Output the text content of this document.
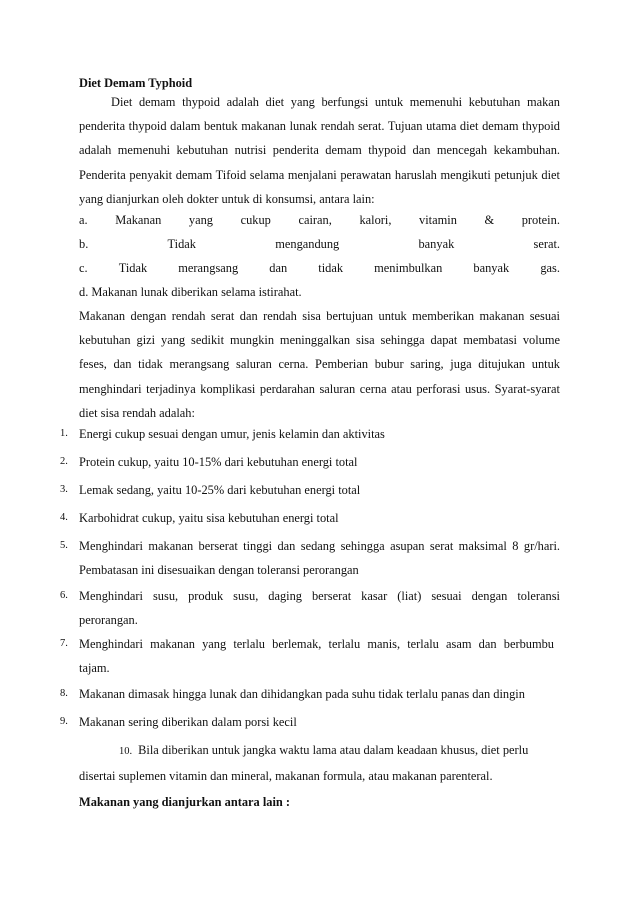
Diet Demam Typhoid

Diet demam thypoid adalah diet yang berfungsi untuk memenuhi kebutuhan makan penderita thypoid dalam bentuk makanan lunak rendah serat. Tujuan utama diet demam thypoid adalah memenuhi kebutuhan nutrisi penderita demam thypoid dan mencegah kekambuhan. Penderita penyakit demam Tifoid selama menjalani perawatan haruslah mengikuti petunjuk diet yang dianjurkan oleh dokter untuk di konsumsi, antara lain:

a. Makanan yang cukup cairan, kalori, vitamin & protein.
b.	Tidak	mengandung	banyak	serat.
c.	Tidak	merangsang	dan	tidak	menimbulkan	banyak	gas.
d. Makanan lunak diberikan selama istirahat.

Makanan dengan rendah serat dan rendah sisa bertujuan untuk memberikan makanan sesuai kebutuhan gizi yang sedikit mungkin meninggalkan sisa sehingga dapat membatasi volume feses, dan tidak merangsang saluran cerna. Pemberian bubur saring, juga ditujukan untuk menghindari terjadinya komplikasi perdarahan saluran cerna atau perforasi usus. Syarat-syarat diet sisa rendah adalah:

1. Energi cukup sesuai dengan umur, jenis kelamin dan aktivitas
2. Protein cukup, yaitu 10-15% dari kebutuhan energi total
3. Lemak sedang, yaitu 10-25% dari kebutuhan energi total
4. Karbohidrat cukup, yaitu sisa kebutuhan energi total
5. Menghindari makanan berserat tinggi dan sedang sehingga asupan serat maksimal 8 gr/hari.
Pembatasan ini disesuaikan dengan toleransi perorangan
6. Menghindari susu, produk susu, daging berserat kasar (liat) sesuai dengan toleransi
perorangan.
7. Menghindari makanan yang terlalu berlemak, terlalu manis, terlalu asam dan berbumbu
tajam.
8. Makanan dimasak hingga lunak dan dihidangkan pada suhu tidak terlalu panas dan dingin
9. Makanan sering diberikan dalam porsi kecil
10. Bila diberikan untuk jangka waktu lama atau dalam keadaan khusus, diet perlu disertai suplemen vitamin dan mineral, makanan formula, atau makanan parenteral.
Makanan yang dianjurkan antara lain :
